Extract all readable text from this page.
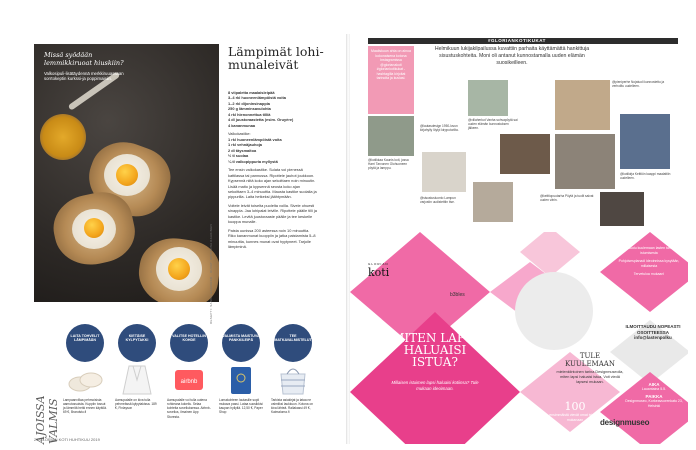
Missä syödään lemmikkiruoat hiuskiin?
Valkosipuli-lisätäydennä merkkiruuassaan sorrtokeptin kurkssi-ja poppimaisiin.
Lämpimät lohi-munaleivät
RESEPTI: SANNA HAAVIKKO · KUVAT: KRISTIINA KAAKINEN

8 viipaletta maalaisleipää
3–4 rkl huoneenlämpöistä voita
1–2 rkl dijoninsinappia
250 g lämminsavulohta
4 rkl hienonnettua tilliä
4 dl juustoraastetta (esim. Gruyère)
4 kananmunaa

Valkokastike:
1 rkl huoneenlämpöistä voita
1 rkl vehnäjauhoja
2 dl täysmaitoa
½ tl suolaa
¼ tl valkopippuria myllystä

Tee ensin valkokastike. Sulata voi pienessä kattilassa tai pannussa. Ripottele jauhot joukkoon. Kypsennä niitä koko ajan sekoittaen noin minuutin. Lisää maito ja kypsennä seosta koko ajan sekoittaen 3–4 minuuttia. Mausta kastike suolalla ja pippurilla. Laita hetkeksi jäähtymään.

Voitele leivät toiselta puolelta voilla. Sivele ohuesti sinappia. Jaa lohipalat leiville. Ripottele päälle tilli ja kastike. Levitä juustoraaste päälle ja tee keskelle kuoppa munalle.

Paista uunissa 200 asteessa noin 10 minuuttia. Riko kananmunat kuoppiin ja jatka paistamista 5–8 minuuttia, kunnes munat ovat hyytyneet. Tarjoile lämpiminä.

AJOISSA VALMIS
LAITA TOHVELIT LÄMPIMÄÄN
Lampaanvillaa pehmoisista aamutossuista. Kuppiin tossut ja lämmitä hetki ennen käyttöä. 69 €, Brandstu.fi
KIETÄISE KYLPYTAKKI
Aamupalalle on kiva tulla pehmeässä kylpytakissa. 189 €, Finlayson
VALITSE HOTELLIN KOHDE
airbnb
Aamupalalle voi tulla uutena rohkeana kokeilu. Selaa kohteita sovelluksessa. Airbnb-sovellus, ilmainen App Storesta.
VALMISTA MAISTUVA PANKKILEIPÄ
Lomakohteen lautasille sopii mukava passi. Lataa suosikkisi kaupan hyllyltä. 12,50 €, Paper Shop
TEE MATKAVALMISTELUT
Tarkista asiakirjat ja lataa ne valmiiksi laukkuun. Kotona on kiva lähteä. Rallakassi 49 €, Kaimaloma.fi
24 GLORIAN KOTI HUHTIKUU 2019
#GLORIANKOTIKUKAT
Maaliskuun ahta on ainoa kokonaisena kotona Instagramissa @glorianakoti #gloriankotikukat -hashtagilla kirjoitat tarinoita ja kuviasi.
Helmikuun lukijakilpailussa kuvattiin parhaita käyttämättä hankittuja sisustuskohteita. Moni oli antanut kunnostamalla uuden elämän suosikeilleen.
@kotikkaa Kaunis koti, jossa Harri Tarvonen Olohuoneen pöytä ja lamppu.
@villaherkut Vanha sohvapöytä sai uuden elämän kunnostuksen jälkeen.
@pieniperhe Nojatuoli kunnostettu ja verhoiltu uudelleen.
@lautasdesign 1950-luvun kirjahylly löytyi kirpputorilta.
@kotikirja Keittiön kaappi maalattiin uudelleen.
@sisustusluonto Lampun varjostin uudistettiin itse.
@keittiopuutarha Pöytä ja tuolit saivat uuden värin.
GLORIAN
koti
b3bles
MITEN LAPSI HALUAISI ISTUA?
Millaisen istuimen lapsi haluaisi kotiinsa? Tule mukaan ideoimaan.
Ilmoittaudu kuulemaan lasten tarinoita istumisesta
Pohjoisesplanadi ideoinnissa kysytään, millaisesta
Tervetuloa mukaan!
TULE KUULEMAAN
mielenkiintoinen tarina Designmuseolla, miten lapsi haluaisi istua. Voit viedä lapsesi mukaan.
100
ensimmäistä vievät omat istuimet mukanaan
ILMOITTAUDU NOPEASTI OSOITTEESSA info@lastenpolku
AIKA
Lauantaina 5.5.
PAIKKA
Designmuseo, Korkeavuorenkatu 23, Helsinki
designmuseo
